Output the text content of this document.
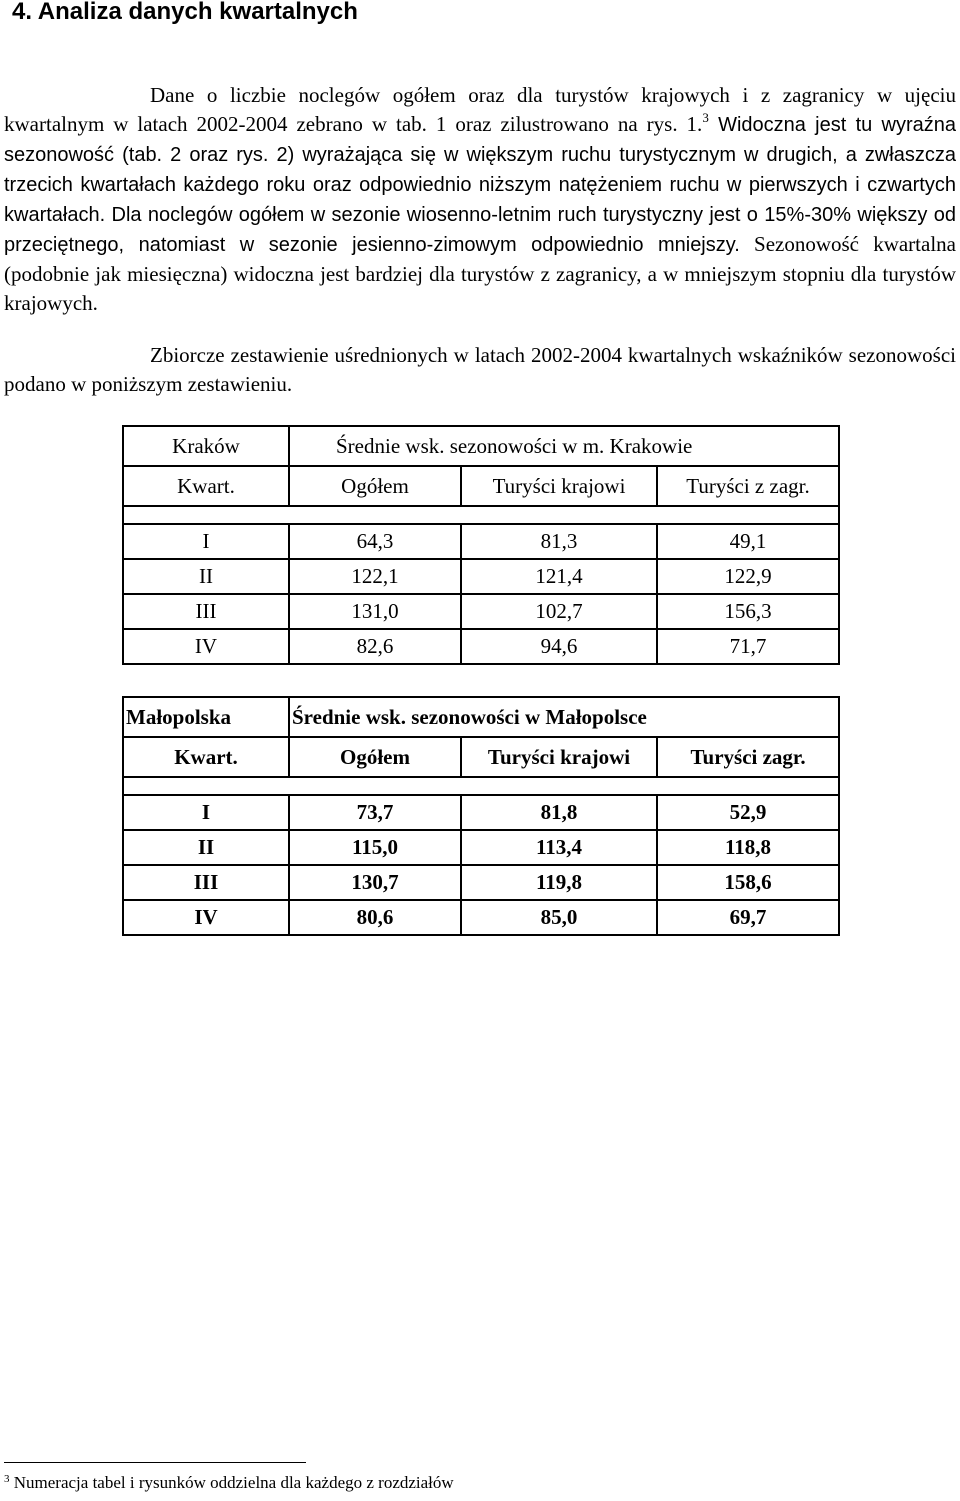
4. Analiza danych kwartalnych

Dane o liczbie noclegów ogółem oraz dla turystów krajowych i z zagranicy w ujęciu kwartalnym w latach 2002-2004 zebrano w tab. 1 oraz zilustrowano na rys. 1.$^3$ Widoczna jest tu wyraźna sezonowość (tab. 2 oraz rys. 2) wyrażająca się w większym ruchu turystycznym w drugich, a zwłaszcza trzecich kwartałach każdego roku oraz odpowiednio niższym natężeniem ruchu w pierwszych i czwartych kwartałach. Dla noclegów ogółem w sezonie wiosenno-letnim ruch turystyczny jest o 15%-30% większy od przeciętnego, natomiast w sezonie jesienno-zimowym odpowiednio mniejszy. Sezonowość kwartalna (podobnie jak miesięczna) widoczna jest bardziej dla turystów z zagranicy, a w mniejszym stopniu dla turystów krajowych.

Zbiorcze zestawienie uśrednionych w latach 2002-2004 kwartalnych wskaźników sezonowości podano w poniższym zestawieniu.

Kraków	Średnie wsk. sezonowości w m. Krakowie		
Kwart.	Ogółem	Turyści krajowi	Turyści z zagr.

I	64,3	81,3	49,1
II	122,1	121,4	122,9
III	131,0	102,7	156,3
IV	82,6	94,6	71,7
Małopolska	Średnie wsk. sezonowości w Małopolsce		
Kwart.	Ogółem	Turyści krajowi	Turyści zagr.

I	73,7	81,8	52,9
II	115,0	113,4	118,8
III	130,7	119,8	158,6
IV	80,6	85,0	69,7
$^3$ Numeracja tabel i rysunków oddzielna dla każdego z rozdziałów
